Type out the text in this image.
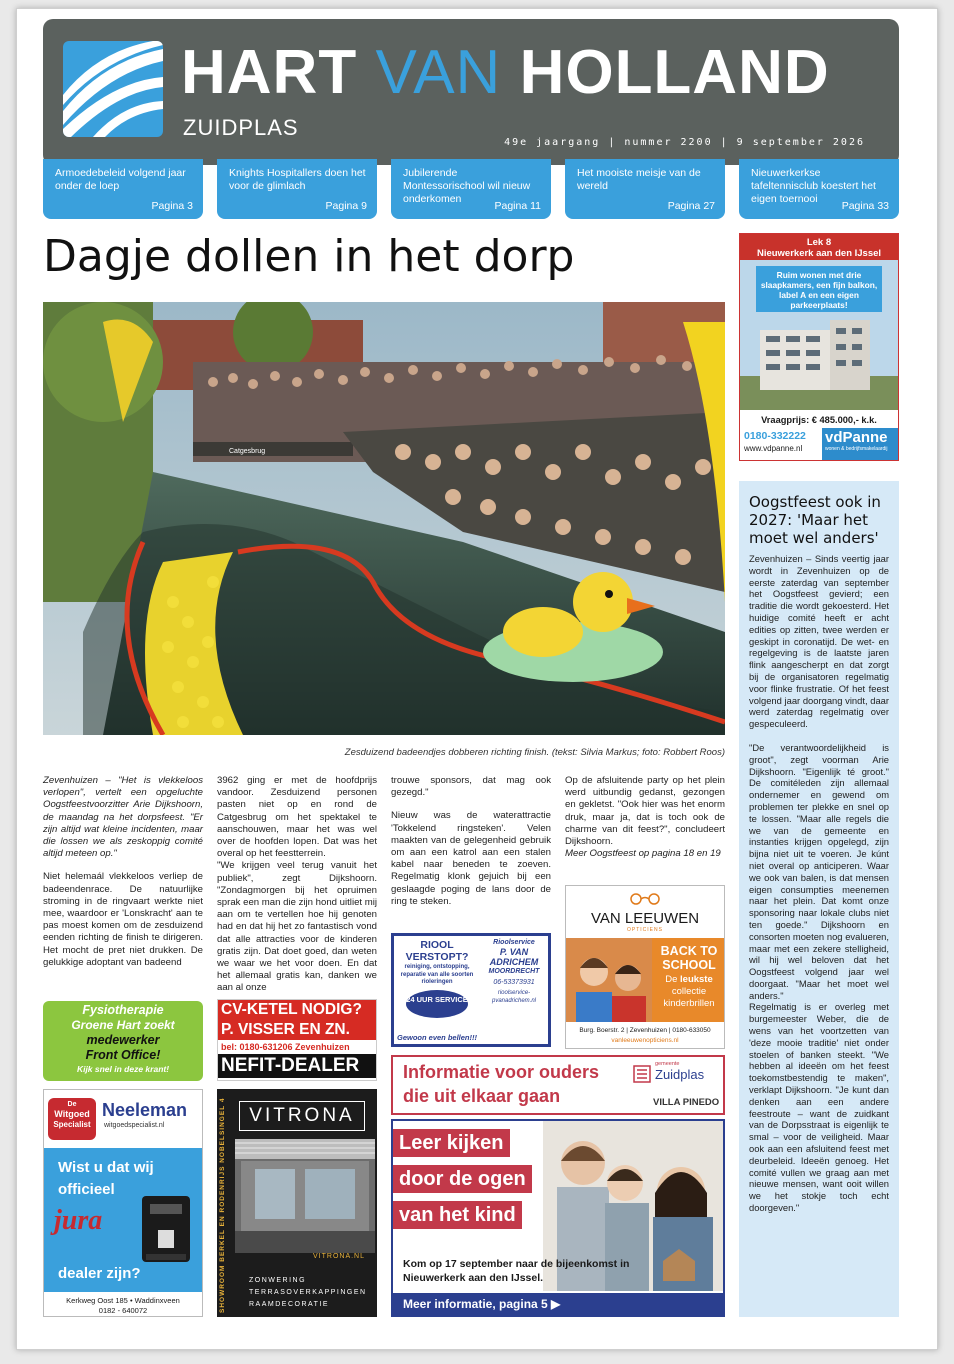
HART VAN HOLLAND
ZUIDPLAS
49e jaargang | nummer 2200 | 9 september 2026
Armoedebeleid volgend jaar onder de loep
Pagina 3
Knights Hospitallers doen het voor de glimlach
Pagina 9
Jubilerende Montessorischool wil nieuw onderkomen
Pagina 11
Het mooiste meisje van de wereld
Pagina 27
Nieuwerkerkse tafeltennisclub koestert het eigen toernooi
Pagina 33
Dagje dollen in het dorp
Catgesbrug
Zesduizend badeendjes dobberen richting finish. (tekst: Silvia Markus; foto: Robbert Roos)

Zevenhuizen – "Het is vlekkeloos verlopen", vertelt een opgeluchte Oogstfeestvoorzitter Arie Dijkshoorn, de maandag na het dorpsfeest. "Er zijn altijd wat kleine incidenten, maar die lossen we als zeskoppig comité altijd meteen op."

Niet helemaál vlekkeloos verliep de badeendenrace. De natuurlijke stroming in de ringvaart werkte niet mee, waardoor er 'Lonskracht' aan te pas moest komen om de zesduizend eenden richting de finish te dirigeren. Het mocht de pret niet drukken. De gelukkige adoptant van badeend

3962 ging er met de hoofdprijs vandoor. Zesduizend personen pasten niet op en rond de Catgesbrug om het spektakel te aanschouwen, maar het was wel over de hoofden lopen. Dat was het overal op het feestterrein.

"We krijgen veel terug vanuit het publiek", zegt Dijkshoorn. "Zondagmorgen bij het opruimen sprak een man die zijn hond uitliet mij aan om te vertellen hoe hij genoten had en dat hij het zo fantastisch vond dat alle attracties voor de kinderen gratis zijn. Dat doet goed, dan weten we waar we het voor doen. En dat het allemaal gratis kan, danken we aan al onze

trouwe sponsors, dat mag ook gezegd."

Nieuw was de waterattractie 'Tokkelend ringsteken'. Velen maakten van de gelegenheid gebruik om aan een katrol aan een stalen kabel naar beneden te zoeven. Regelmatig klonk gejuich bij een geslaagde poging de lans door de ring te steken.

Op de afsluitende party op het plein werd uitbundig gedanst, gezongen en gekletst. "Ook hier was het enorm druk, maar ja, dat is toch ook de charme van dit feest?", concludeert Dijkshoorn.

Meer Oogstfeest op pagina 18 en 19

Lek 8
Nieuwerkerk aan den IJssel
Ruim wonen met drie slaapkamers, een fijn balkon, label A en een eigen parkeerplaats!
Vraagprijs: € 485.000,- k.k.
0180-332222
www.vdpanne.nl
vdPanne
wonen & bedrijfsmakelaardij
Oogstfeest ook in 2027: 'Maar het moet wel anders'

Zevenhuizen – Sinds veertig jaar wordt in Zevenhuizen op de eerste zaterdag van september het Oogstfeest gevierd; een traditie die wordt gekoesterd. Het huidige comité heeft er acht edities op zitten, twee werden er geskipt in coronatijd. De wet- en regelgeving is de laatste jaren flink aangescherpt en dat zorgt bij de organisatoren regelmatig voor flinke frustratie. Of het feest volgend jaar doorgang vindt, daar werd zaterdag regelmatig over gespeculeerd.

"De verantwoordelijkheid is groot", zegt voorman Arie Dijkshoorn. "Eigenlijk té groot." De comitéleden zijn allemaal ondernemer en gewend om problemen ter plekke en snel op te lossen. "Maar alle regels die we van de gemeente en instanties krijgen opgelegd, zijn bijna niet uit te voeren. Je kúnt niet overal op anticiperen. Waar we ook van balen, is dat mensen eigen consumpties meenemen naar het plein. Dat komt onze sponsoring naar lokale clubs niet ten goede." Dijkshoorn en consorten moeten nog evalueren, maar met een zekere stelligheid, wil hij wel beloven dat het Oogstfeest volgend jaar wel doorgaat. "Maar het moet wel anders."

Regelmatig is er overleg met burgemeester Weber, die de wens van het voortzetten van 'deze mooie traditie' niet onder stoelen of banken steekt. "We hebben al ideeën om het feest toekomstbestendig te maken", verklapt Dijkshoorn. "Je kunt dan denken aan een andere feestroute – want de zuidkant van de Dorpsstraat is eigenlijk te smal – voor de veiligheid. Maar ook aan een afsluitend feest met deurbeleid. Ideeën genoeg. Het comité vullen we graag aan met nieuwe mensen, want ooit willen we het stokje toch echt doorgeven."

Fysiotherapie
Groene Hart zoekt
medewerker
Front Office!
Kijk snel in deze krant!
CV-KETEL NODIG?
P. VISSER EN ZN.
bel: 0180-631206 Zevenhuizen
NEFIT-DEALER
RIOOL VERSTOPT?
reiniging, ontstopping, reparatie van alle soorten rioleringen
24 UUR SERVICE
Rioolservice
P. VAN ADRICHEM
MOORDRECHT
06-53373931
rioolservice-pvanadrichem.nl
Gewoon even bellen!!!
VAN LEEUWEN
OPTICIENS
BACK TO
SCHOOL
De leukste
collectie
kinderbrillen
Burg. Boerstr. 2 | Zevenhuizen | 0180-633050
vanleeuwenopticiens.nl
Informatie voor ouders
die uit elkaar gaan
gemeente
Zuidplas
VILLA PINEDO
Leer kijken
door de ogen
van het kind
Kom op 17 september naar de bijeenkomst in Nieuwerkerk aan den IJssel.
Meer informatie, pagina 5 ▶
De
Witgoed
Specialist
Neeleman
witgoedspecialist.nl
Wist u dat wij
officieel
jura
dealer zijn?
Kerkweg Oost 185 • Waddinxveen
0182 - 640072	SHOWROOM BERKEL EN RODENRIJS NOBELSINGEL 4	VITRONA
VITRONA.NL
ZONWERING
TERRASOVERKAPPINGEN
RAAMDECORATIE
